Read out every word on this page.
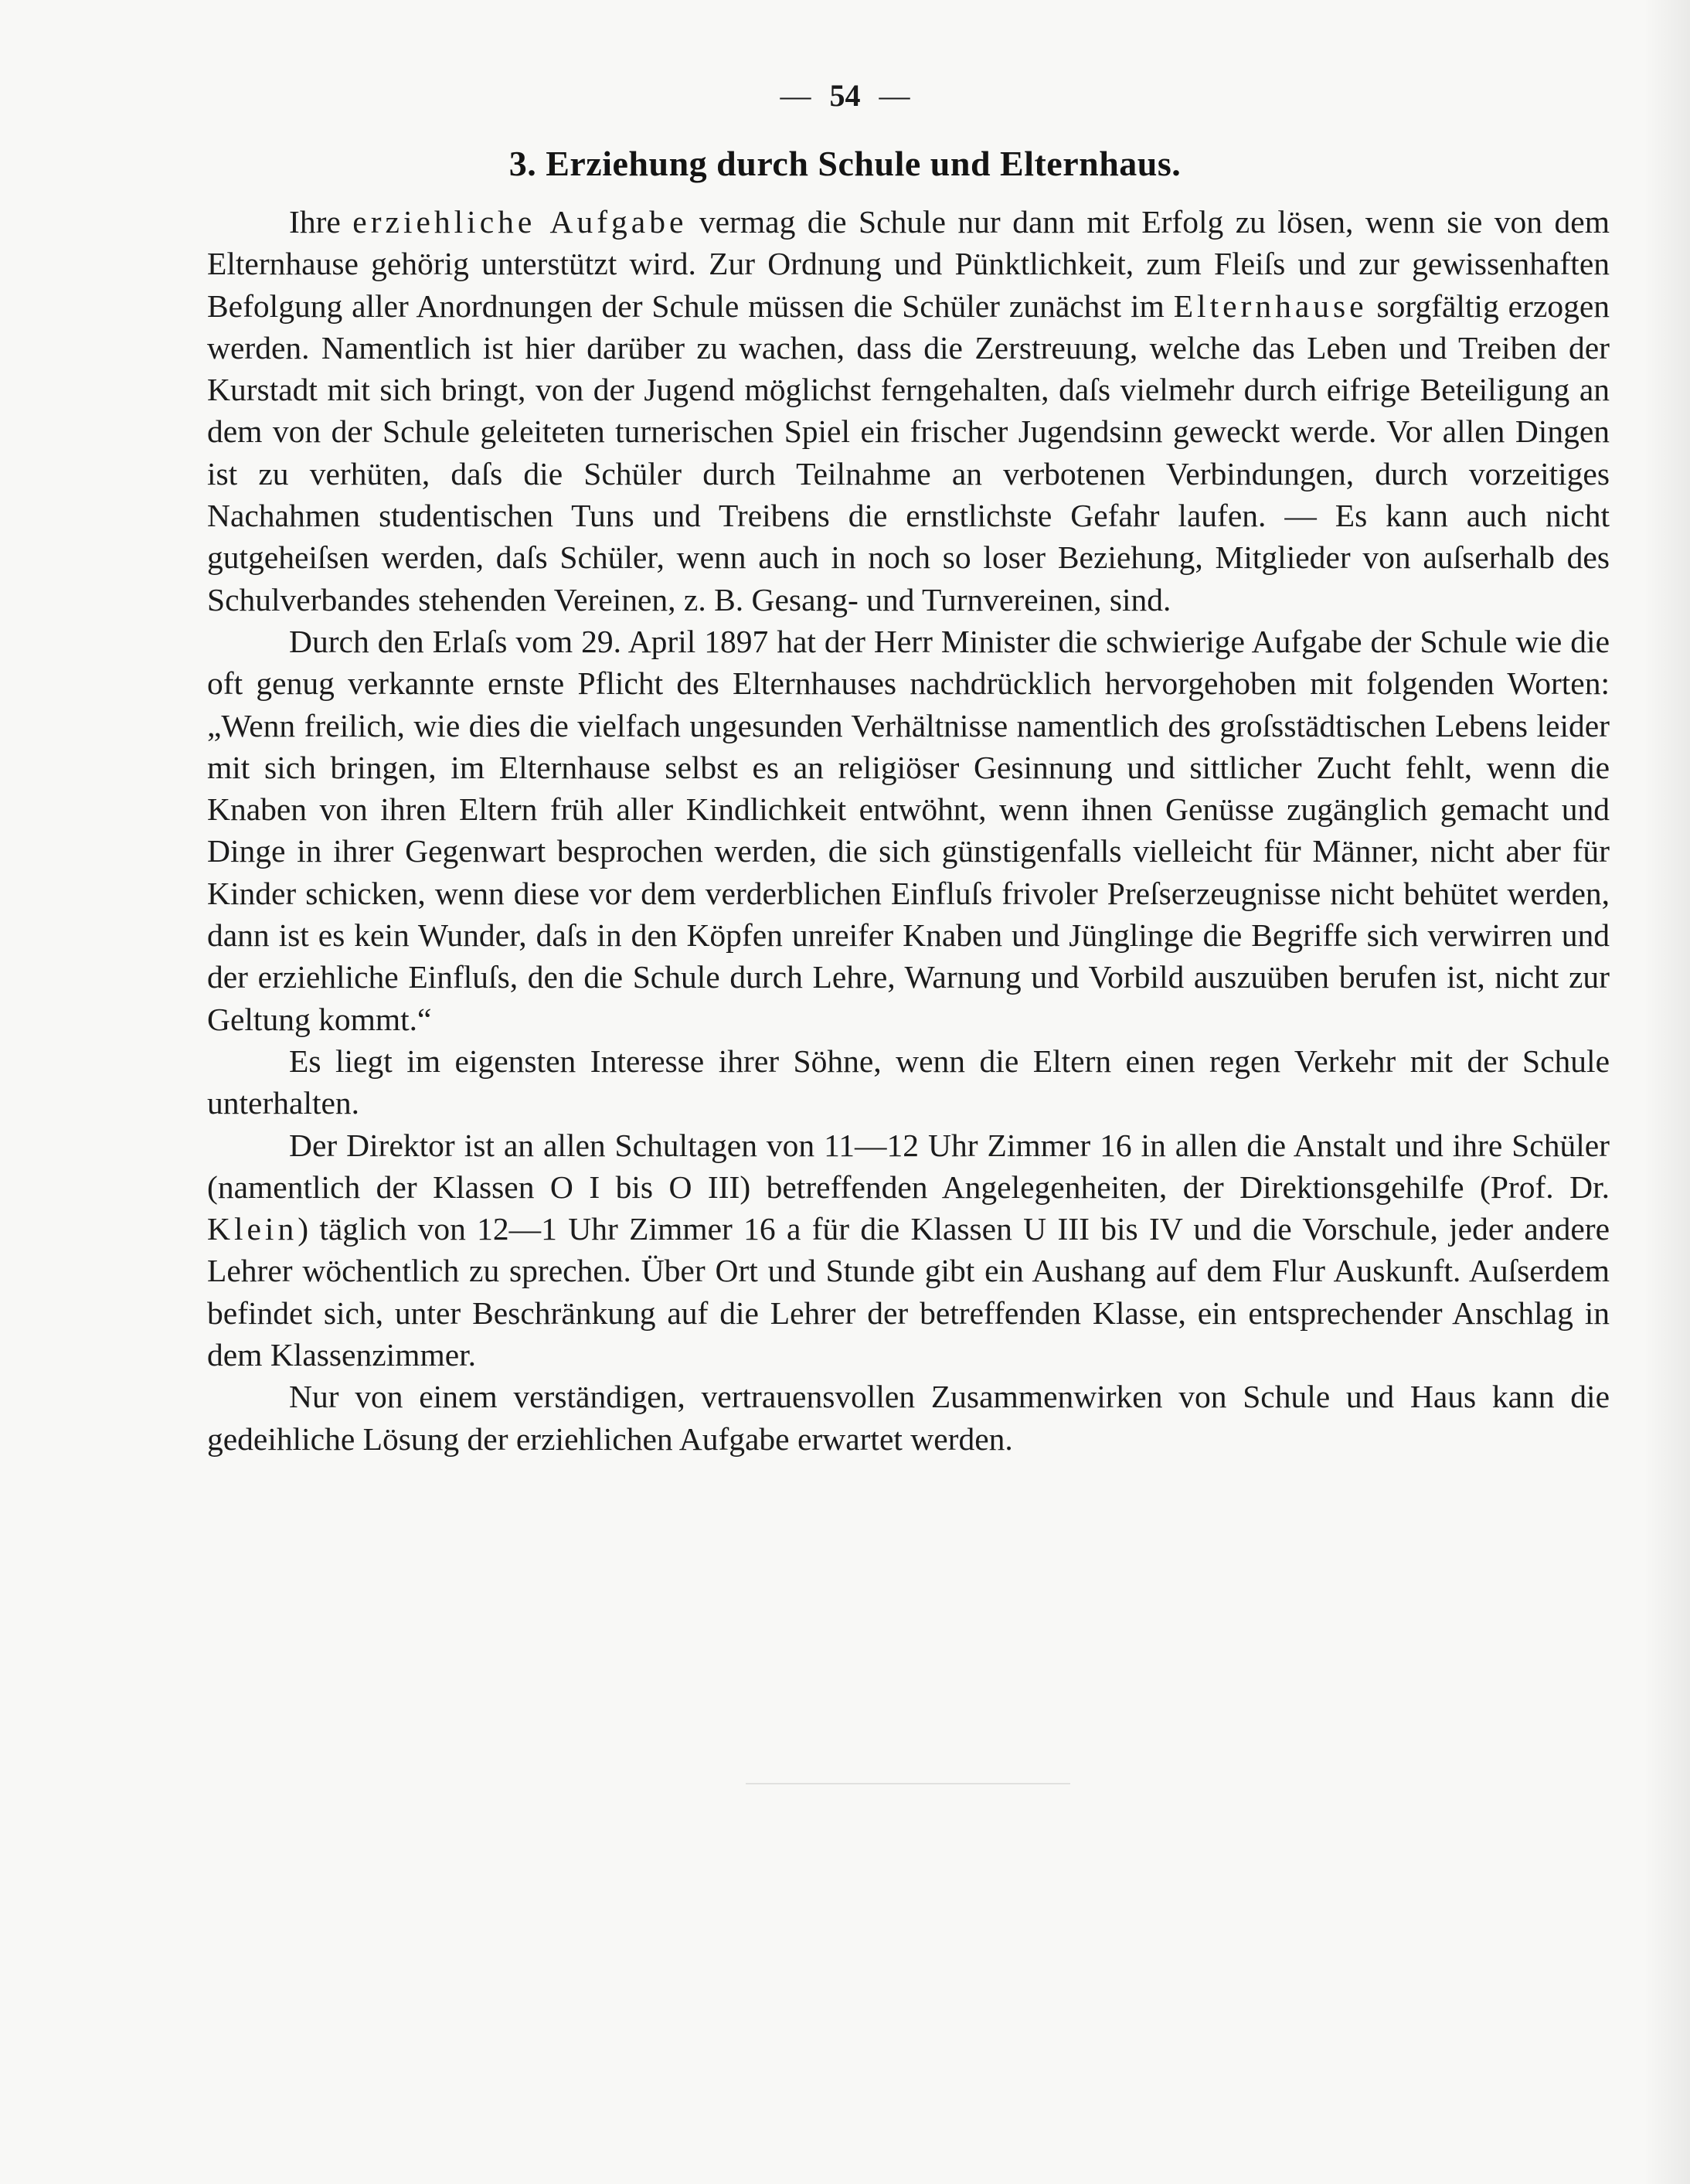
— 54 —
3. Erziehung durch Schule und Elternhaus.

Ihre erziehliche Aufgabe vermag die Schule nur dann mit Erfolg zu lösen, wenn sie von dem Elternhause gehörig unterstützt wird. Zur Ordnung und Pünktlichkeit, zum Fleiſs und zur gewissenhaften Befolgung aller Anordnungen der Schule müssen die Schüler zunächst im Elternhause sorgfältig erzogen werden. Namentlich ist hier darüber zu wachen, dass die Zerstreuung, welche das Leben und Treiben der Kurstadt mit sich bringt, von der Jugend möglichst ferngehalten, daſs vielmehr durch eifrige Beteiligung an dem von der Schule geleiteten turnerischen Spiel ein frischer Jugendsinn geweckt werde. Vor allen Dingen ist zu verhüten, daſs die Schüler durch Teilnahme an verbotenen Verbindungen, durch vorzeitiges Nachahmen studentischen Tuns und Treibens die ernstlichste Gefahr laufen. — Es kann auch nicht gutgeheiſsen werden, daſs Schüler, wenn auch in noch so loser Beziehung, Mitglieder von auſserhalb des Schulverbandes stehenden Vereinen, z. B. Gesang- und Turnvereinen, sind.

Durch den Erlaſs vom 29. April 1897 hat der Herr Minister die schwierige Aufgabe der Schule wie die oft genug verkannte ernste Pflicht des Elternhauses nachdrücklich hervorgehoben mit folgenden Worten: „Wenn freilich, wie dies die vielfach ungesunden Verhältnisse namentlich des groſsstädtischen Lebens leider mit sich bringen, im Elternhause selbst es an religiöser Gesinnung und sittlicher Zucht fehlt, wenn die Knaben von ihren Eltern früh aller Kindlichkeit entwöhnt, wenn ihnen Genüsse zugänglich gemacht und Dinge in ihrer Gegenwart besprochen werden, die sich günstigenfalls vielleicht für Männer, nicht aber für Kinder schicken, wenn diese vor dem verderblichen Einfluſs frivoler Preſserzeugnisse nicht behütet werden, dann ist es kein Wunder, daſs in den Köpfen unreifer Knaben und Jünglinge die Begriffe sich verwirren und der erziehliche Einfluſs, den die Schule durch Lehre, Warnung und Vorbild auszuüben berufen ist, nicht zur Geltung kommt.“

Es liegt im eigensten Interesse ihrer Söhne, wenn die Eltern einen regen Verkehr mit der Schule unterhalten.

Der Direktor ist an allen Schultagen von 11—12 Uhr Zimmer 16 in allen die Anstalt und ihre Schüler (namentlich der Klassen O I bis O III) betreffenden Angelegenheiten, der Direktionsgehilfe (Prof. Dr. Klein) täglich von 12—1 Uhr Zimmer 16 a für die Klassen U III bis IV und die Vorschule, jeder andere Lehrer wöchentlich zu sprechen. Über Ort und Stunde gibt ein Aushang auf dem Flur Auskunft. Auſserdem befindet sich, unter Beschränkung auf die Lehrer der betreffenden Klasse, ein entsprechender Anschlag in dem Klassenzimmer.

Nur von einem verständigen, vertrauensvollen Zusammenwirken von Schule und Haus kann die gedeihliche Lösung der erziehlichen Aufgabe erwartet werden.
